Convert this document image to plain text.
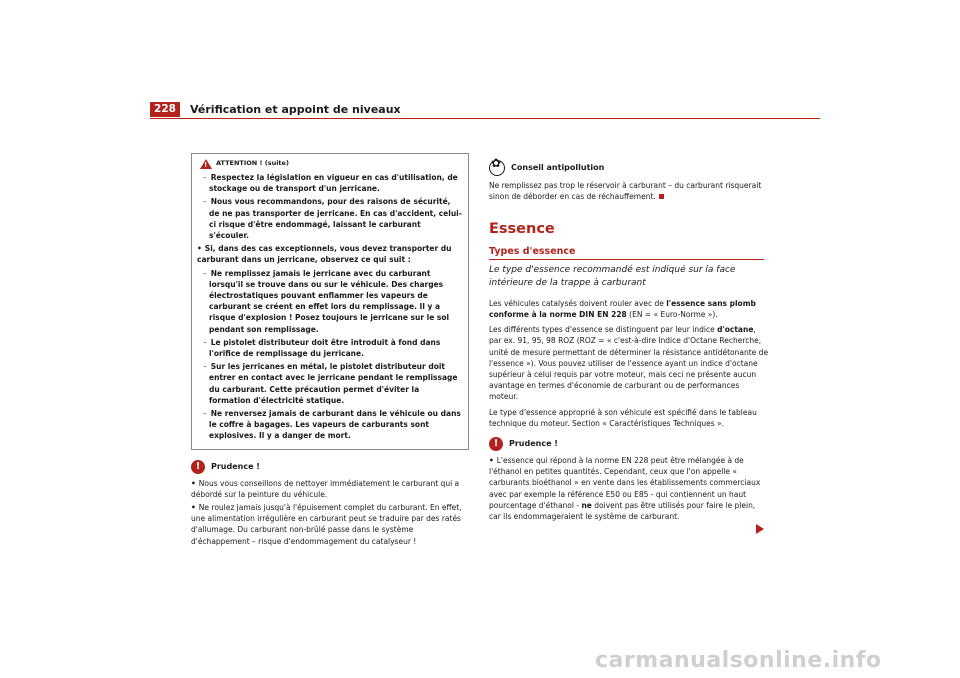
228	Vérification et appoint de niveaux
!
ATTENTION ! (suite)
– Respectez la législation en vigueur en cas d'utilisation, de stockage ou de transport d'un jerricane.
– Nous vous recommandons, pour des raisons de sécurité, de ne pas transporter de jerricane. En cas d'accident, celui-ci risque d'être endommagé, laissant le carburant s'écouler.
• Si, dans des cas exceptionnels, vous devez transporter du carburant dans un jerricane, observez ce qui suit :
– Ne remplissez jamais le jerricane avec du carburant lorsqu'il se trouve dans ou sur le véhicule. Des charges électrostatiques pouvant enflammer les vapeurs de carburant se créent en effet lors du remplissage. Il y a risque d'explosion ! Posez toujours le jerricane sur le sol pendant son remplissage.
– Le pistolet distributeur doit être introduit à fond dans l'orifice de remplissage du jerricane.
– Sur les jerricanes en métal, le pistolet distributeur doit entrer en contact avec le jerricane pendant le remplissage du carburant. Cette précaution permet d'éviter la formation d'électricité statique.
– Ne renversez jamais de carburant dans le véhicule ou dans le coffre à bagages. Les vapeurs de carburants sont explosives. Il y a danger de mort.
!	Prudence !
• Nous vous conseillons de nettoyer immédiatement le carburant qui a débordé sur la peinture du véhicule.
• Ne roulez jamais jusqu'à l'épuisement complet du carburant. En effet, une alimentation irrégulière en carburant peut se traduire par des ratés d'allumage. Du carburant non-brûlé passe dans le système d'échappement – risque d'endommagement du catalyseur !
✿
Conseil antipollution

Ne remplissez pas trop le réservoir à carburant – du carburant risquerait sinon de déborder en cas de réchauffement.

Essence
Types d'essence
Le type d'essence recommandé est indiqué sur la face intérieure de la trappe à carburant

Les véhicules catalysés doivent rouler avec de l'essence sans plomb conforme à la norme DIN EN 228 (EN = « Euro-Norme »).

Les différents types d'essence se distinguent par leur indice d'octane, par ex. 91, 95, 98 ROZ (ROZ = « c'est-à-dire Indice d'Octane Recherche, unité de mesure permettant de déterminer la résistance antidétonante de l'essence »). Vous pouvez utiliser de l'essence ayant un indice d'octane supérieur à celui requis par votre moteur, mais ceci ne présente aucun avantage en termes d'économie de carburant ou de performances moteur.

Le type d'essence approprié à son véhicule est spécifié dans le tableau technique du moteur. Section « Caractéristiques Techniques ».

!	Prudence !
• L'essence qui répond à la norme EN 228 peut être mélangée à de l'éthanol en petites quantités. Cependant, ceux que l'on appelle « carburants bioéthanol » en vente dans les établissements commerciaux avec par exemple la référence E50 ou E85 - qui contiennent un haut pourcentage d'éthanol - ne doivent pas être utilisés pour faire le plein, car ils endommageraient le système de carburant.
carmanualsonline.info
